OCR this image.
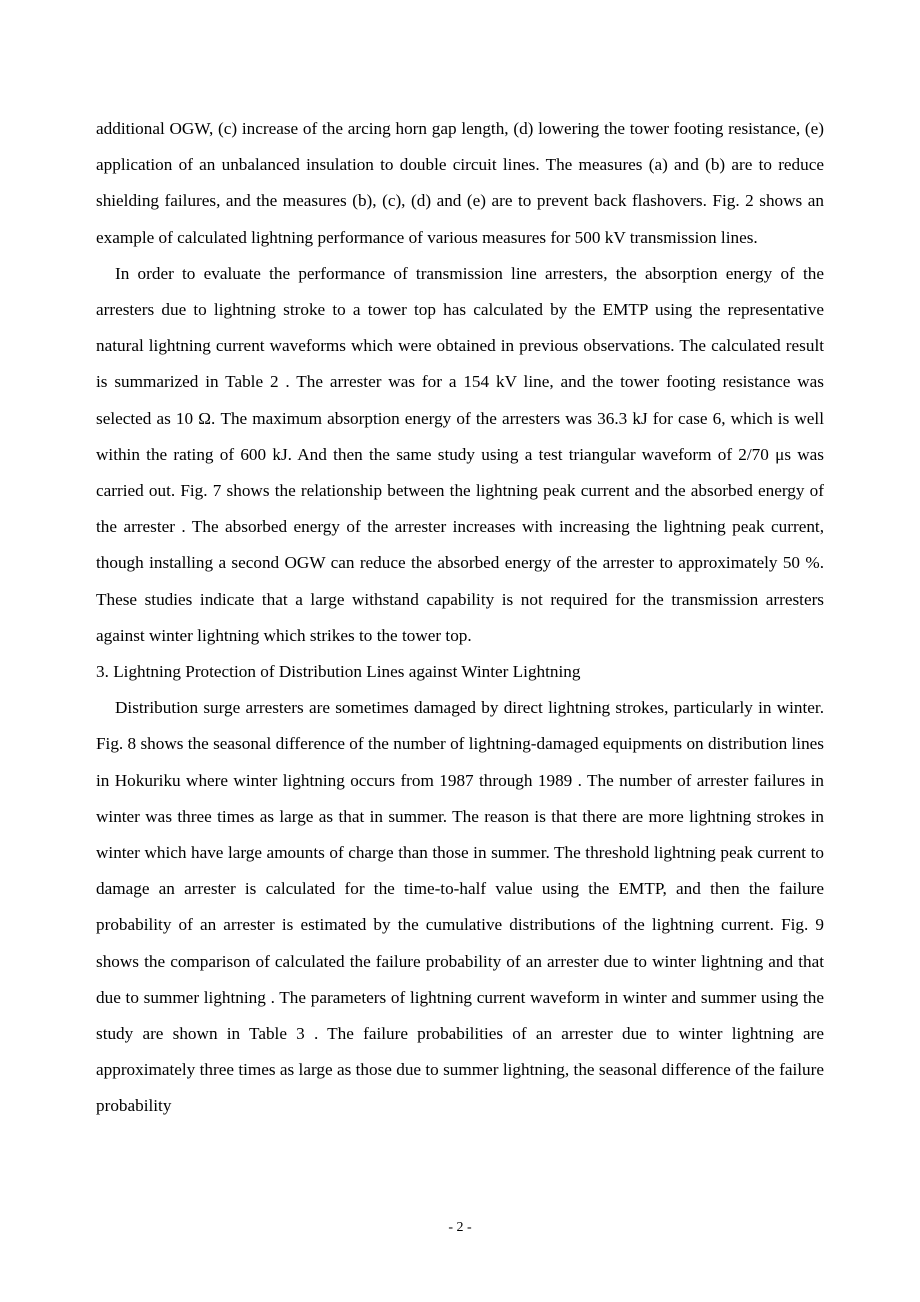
additional OGW, (c) increase of the arcing horn gap length, (d) lowering the tower footing resistance, (e) application of an unbalanced insulation to double circuit lines. The measures (a) and (b) are to reduce shielding failures, and the measures (b), (c), (d) and (e) are to prevent back flashovers. Fig. 2 shows an example of calculated lightning performance of various measures for 500 kV transmission lines.

In order to evaluate the performance of transmission line arresters, the absorption energy of the arresters due to lightning stroke to a tower top has calculated by the EMTP using the representative natural lightning current waveforms which were obtained in previous observations. The calculated result is summarized in Table 2 . The arrester was for a 154 kV line, and the tower footing resistance was selected as 10 Ω. The maximum absorption energy of the arresters was 36.3 kJ for case 6, which is well within the rating of 600 kJ. And then the same study using a test triangular waveform of 2/70 μs was carried out. Fig. 7 shows the relationship between the lightning peak current and the absorbed energy of the arrester . The absorbed energy of the arrester increases with increasing the lightning peak current, though installing a second OGW can reduce the absorbed energy of the arrester to approximately 50 %. These studies indicate that a large withstand capability is not required for the transmission arresters against winter lightning which strikes to the tower top.

3. Lightning Protection of Distribution Lines against Winter Lightning

Distribution surge arresters are sometimes damaged by direct lightning strokes, particularly in winter. Fig. 8 shows the seasonal difference of the number of lightning-damaged equipments on distribution lines in Hokuriku where winter lightning occurs from 1987 through 1989 . The number of arrester failures in winter was three times as large as that in summer. The reason is that there are more lightning strokes in winter which have large amounts of charge than those in summer. The threshold lightning peak current to damage an arrester is calculated for the time-to-half value using the EMTP, and then the failure probability of an arrester is estimated by the cumulative distributions of the lightning current. Fig. 9 shows the comparison of calculated the failure probability of an arrester due to winter lightning and that due to summer lightning . The parameters of lightning current waveform in winter and summer using the study are shown in Table 3 . The failure probabilities of an arrester due to winter lightning are approximately three times as large as those due to summer lightning, the seasonal difference of the failure probability

- 2 -
